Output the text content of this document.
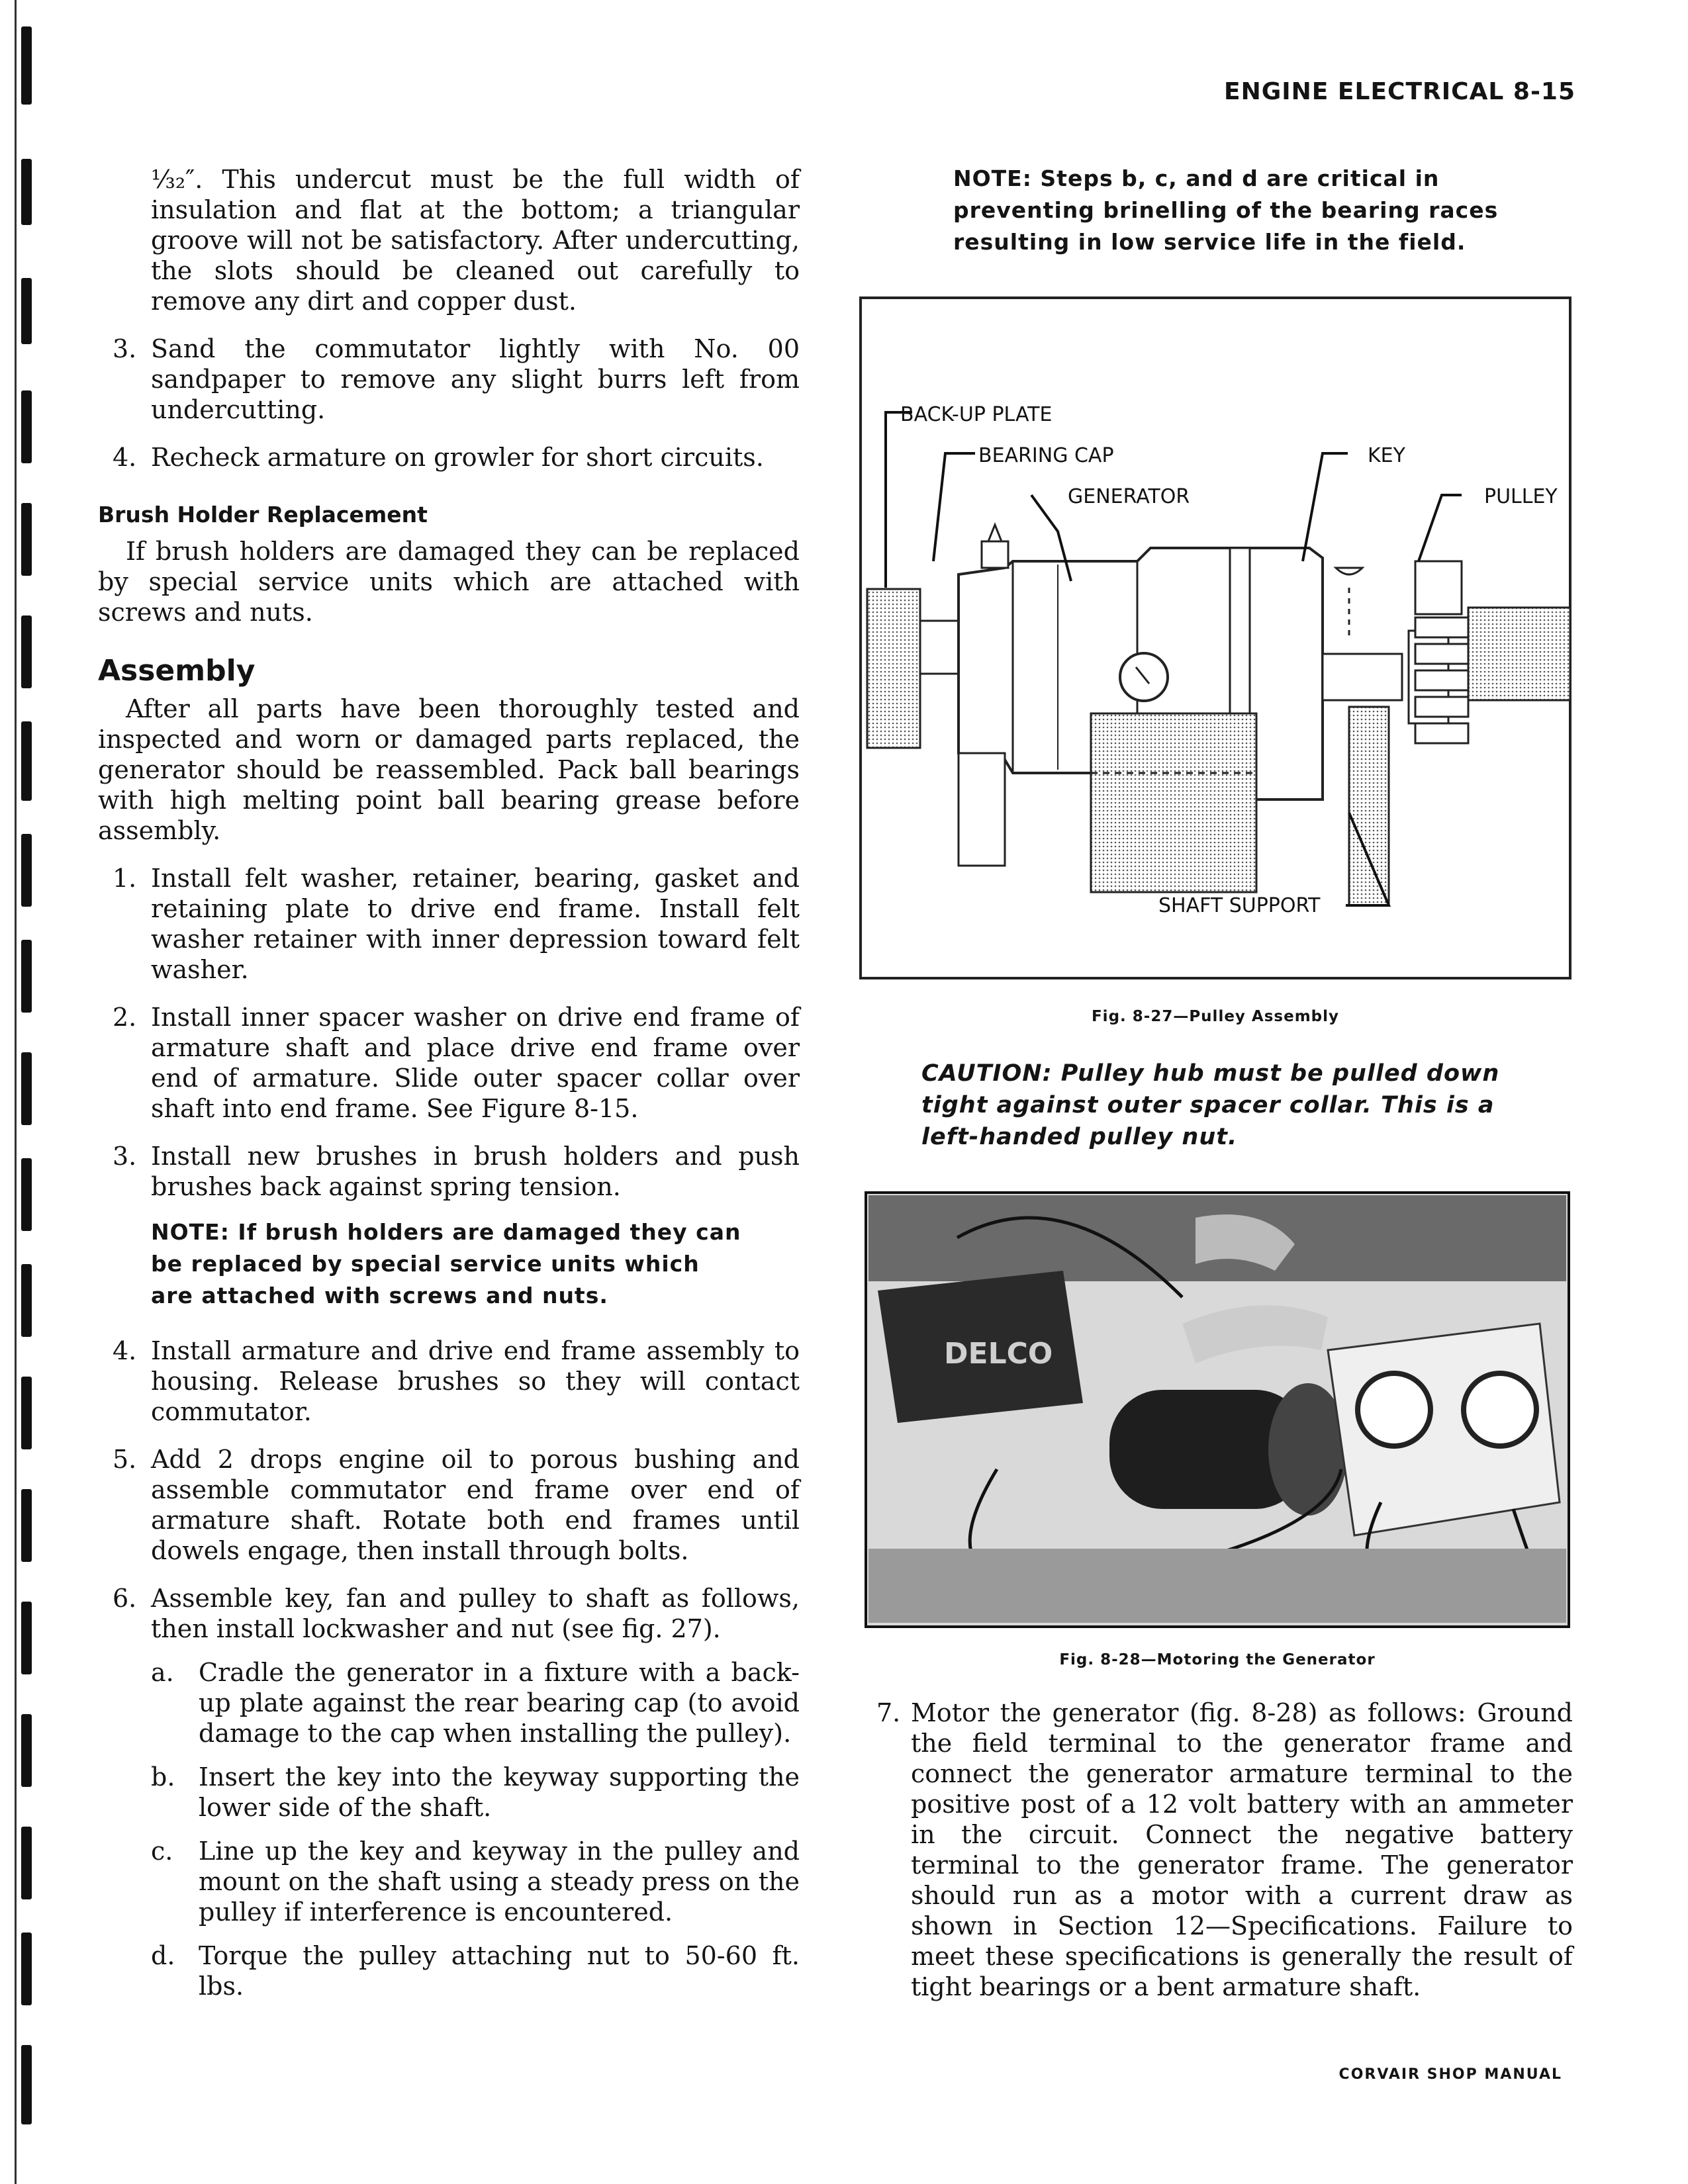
ENGINE ELECTRICAL 8-15

⅓₂″. This undercut must be the full width of insulation and flat at the bottom; a triangular groove will not be satisfactory. After undercutting, the slots should be cleaned out carefully to remove any dirt and copper dust.

3. Sand the commutator lightly with No. 00 sandpaper to remove any slight burrs left from undercutting.

4. Recheck armature on growler for short circuits.

Brush Holder Replacement

If brush holders are damaged they can be replaced by special service units which are attached with screws and nuts.

Assembly

After all parts have been thoroughly tested and inspected and worn or damaged parts replaced, the generator should be reassembled. Pack ball bearings with high melting point ball bearing grease before assembly.

1. Install felt washer, retainer, bearing, gasket and retaining plate to drive end frame. Install felt washer retainer with inner depression toward felt washer.

2. Install inner spacer washer on drive end frame of armature shaft and place drive end frame over end of armature. Slide outer spacer collar over shaft into end frame. See Figure 8-15.

3. Install new brushes in brush holders and push brushes back against spring tension.

NOTE: If brush holders are damaged they can be replaced by special service units which are attached with screws and nuts.

4. Install armature and drive end frame assembly to housing. Release brushes so they will contact commutator.

5. Add 2 drops engine oil to porous bushing and assemble commutator end frame over end of armature shaft. Rotate both end frames until dowels engage, then install through bolts.

6. Assemble key, fan and pulley to shaft as follows, then install lockwasher and nut (see fig. 27).

a. Cradle the generator in a fixture with a back-up plate against the rear bearing cap (to avoid damage to the cap when installing the pulley).

b. Insert the key into the keyway supporting the lower side of the shaft.

c. Line up the key and keyway in the pulley and mount on the shaft using a steady press on the pulley if interference is encountered.

d. Torque the pulley attaching nut to 50-60 ft. lbs.

NOTE: Steps b, c, and d are critical in preventing brinelling of the bearing races resulting in low service life in the field.

BACK-UP PLATE
BEARING CAP
GENERATOR
KEY
PULLEY
SHAFT SUPPORT
Fig. 8-27—Pulley Assembly

CAUTION: Pulley hub must be pulled down tight against outer spacer collar. This is a left-handed pulley nut.

DELCO
Fig. 8-28—Motoring the Generator

7. Motor the generator (fig. 8-28) as follows: Ground the field terminal to the generator frame and connect the generator armature terminal to the positive post of a 12 volt battery with an ammeter in the circuit. Connect the negative battery terminal to the generator frame. The generator should run as a motor with a current draw as shown in Section 12—Specifications. Failure to meet these specifications is generally the result of tight bearings or a bent armature shaft.

CORVAIR SHOP MANUAL
